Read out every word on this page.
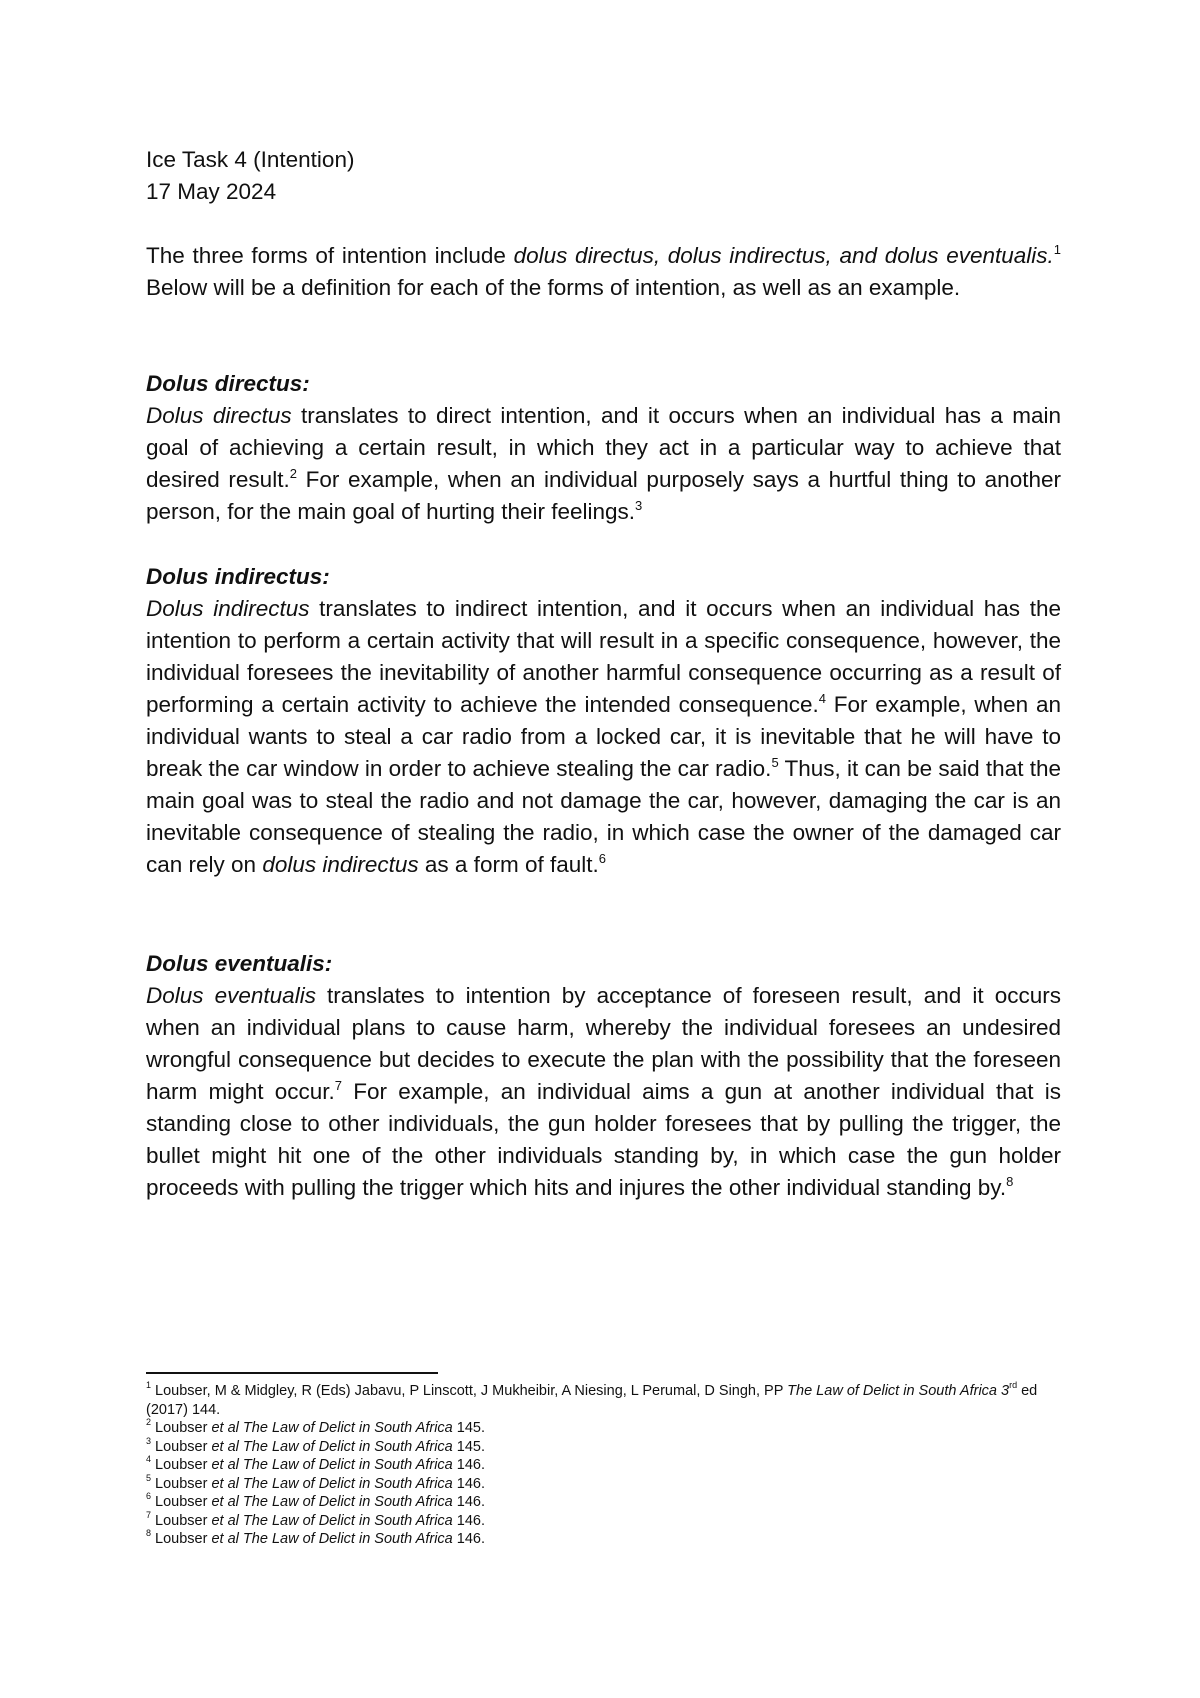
Ice Task 4 (Intention)
17 May 2024

The three forms of intention include dolus directus, dolus indirectus, and dolus eventualis.$^1$ Below will be a definition for each of the forms of intention, as well as an example.

Dolus directus:

Dolus directus translates to direct intention, and it occurs when an individual has a main goal of achieving a certain result, in which they act in a particular way to achieve that desired result.$^2$ For example, when an individual purposely says a hurtful thing to another person, for the main goal of hurting their feelings.$^3$

Dolus indirectus:

Dolus indirectus translates to indirect intention, and it occurs when an individual has the intention to perform a certain activity that will result in a specific consequence, however, the individual foresees the inevitability of another harmful consequence occurring as a result of performing a certain activity to achieve the intended consequence.$^4$ For example, when an individual wants to steal a car radio from a locked car, it is inevitable that he will have to break the car window in order to achieve stealing the car radio.$^5$ Thus, it can be said that the main goal was to steal the radio and not damage the car, however, damaging the car is an inevitable consequence of stealing the radio, in which case the owner of the damaged car can rely on dolus indirectus as a form of fault.$^6$

Dolus eventualis:

Dolus eventualis translates to intention by acceptance of foreseen result, and it occurs when an individual plans to cause harm, whereby the individual foresees an undesired wrongful consequence but decides to execute the plan with the possibility that the foreseen harm might occur.$^7$ For example, an individual aims a gun at another individual that is standing close to other individuals, the gun holder foresees that by pulling the trigger, the bullet might hit one of the other individuals standing by, in which case the gun holder proceeds with pulling the trigger which hits and injures the other individual standing by.$^8$

$^1$ Loubser, M & Midgley, R (Eds) Jabavu, P Linscott, J Mukheibir, A Niesing, L Perumal, D Singh, PP The Law of Delict in South Africa 3rd ed (2017) 144.

$^2$ Loubser et al The Law of Delict in South Africa 145.

$^3$ Loubser et al The Law of Delict in South Africa 145.

$^4$ Loubser et al The Law of Delict in South Africa 146.

$^5$ Loubser et al The Law of Delict in South Africa 146.

$^6$ Loubser et al The Law of Delict in South Africa 146.

$^7$ Loubser et al The Law of Delict in South Africa 146.

$^8$ Loubser et al The Law of Delict in South Africa 146.
